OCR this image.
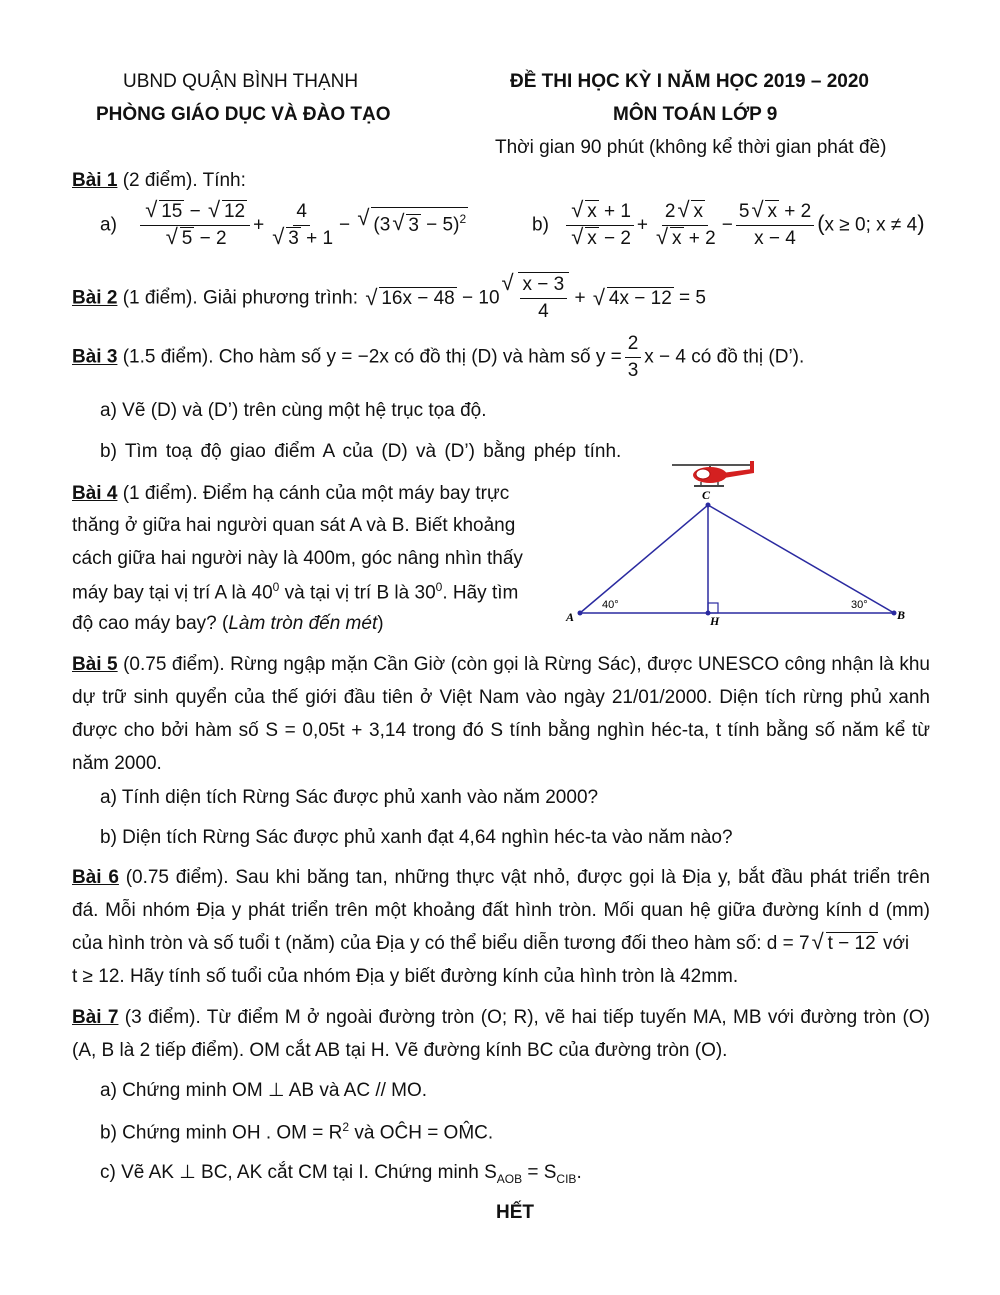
UBND QUẬN BÌNH THẠNH
PHÒNG GIÁO DỤC VÀ ĐÀO TẠO
ĐỀ THI HỌC KỲ I NĂM HỌC 2019 – 2020
MÔN TOÁN LỚP 9
Thời gian 90 phút (không kể thời gian phát đề)
Bài 1 (2 điểm). Tính:
a) √ 15 − √ 12
√ 5 − 2 + 4
√ 3 + 1 − √ (3 √ 3 − 5)$^2$	b) √ x + 1
√ x − 2 + 2 √ x
√ $x + 2 - \frac{5 √ x + 2}{x - 4} (x \ge 0$; x ≠ 4)
Bài 2 (1 điểm). Giải phương trình: √ 16x − 48 − 10 √ $\frac{x - 3}{4}$ + √ 4x − 12 = 5
Bài 3 (1.5 điểm). Cho hàm số y = −2x có đồ thị (D) và hàm số $y = \frac{2}{3}$ x − 4 có đồ thị (D’).
a) Vẽ (D) và (D’) trên cùng một hệ trục tọa độ.
b) Tìm toạ độ giao điểm A của (D) và (D’) bằng phép tính.
Bài 4 (1 điểm). Điểm hạ cánh của một máy bay trực
thăng ở giữa hai người quan sát A và B. Biết khoảng
cách giữa hai người này là 400m, góc nâng nhìn thấy
máy bay tại vị trí A là $40^0$ và tại vị trí B là $30^0$. Hãy tìm
độ cao máy bay? (Làm tròn đến mét)
C
A	B
H
40°	30°
Bài 5 (0.75 điểm). Rừng ngập mặn Cần Giờ (còn gọi là Rừng Sác), được UNESCO công nhận là khu dự trữ sinh quyển của thế giới đầu tiên ở Việt Nam vào ngày 21/01/2000. Diện tích rừng phủ xanh được cho bởi hàm số S = 0,05t + 3,14 trong đó S tính bằng nghìn héc-ta, t tính bằng số năm kể từ năm 2000.
a) Tính diện tích Rừng Sác được phủ xanh vào năm 2000?
b) Diện tích Rừng Sác được phủ xanh đạt 4,64 nghìn héc-ta vào năm nào?
Bài 6 (0.75 điểm). Sau khi băng tan, những thực vật nhỏ, được gọi là Địa y, bắt đầu phát triển trên đá. Mỗi nhóm Địa y phát triển trên một khoảng đất hình tròn. Mối quan hệ giữa đường kính d (mm) của hình tròn và số tuổi t (năm) của Địa y có thể biểu diễn tương đối theo hàm số: d = 7 √ t − 12 với
t ≥ 12. Hãy tính số tuổi của nhóm Địa y biết đường kính của hình tròn là 42mm.
Bài 7 (3 điểm). Từ điểm M ở ngoài đường tròn (O; R), vẽ hai tiếp tuyến MA, MB với đường tròn (O) (A, B là 2 tiếp điểm). OM cắt AB tại H. Vẽ đường kính BC của đường tròn (O).
a) Chứng minh OM ⊥ AB và AC // MO.
b) Chứng minh OH . OM = $R^2$ và OĈH = OM̂C.
c) Vẽ AK ⊥ BC, AK cắt CM tại I. Chứng minh $S_{AOB} = S_{CIB}$.
HẾT
